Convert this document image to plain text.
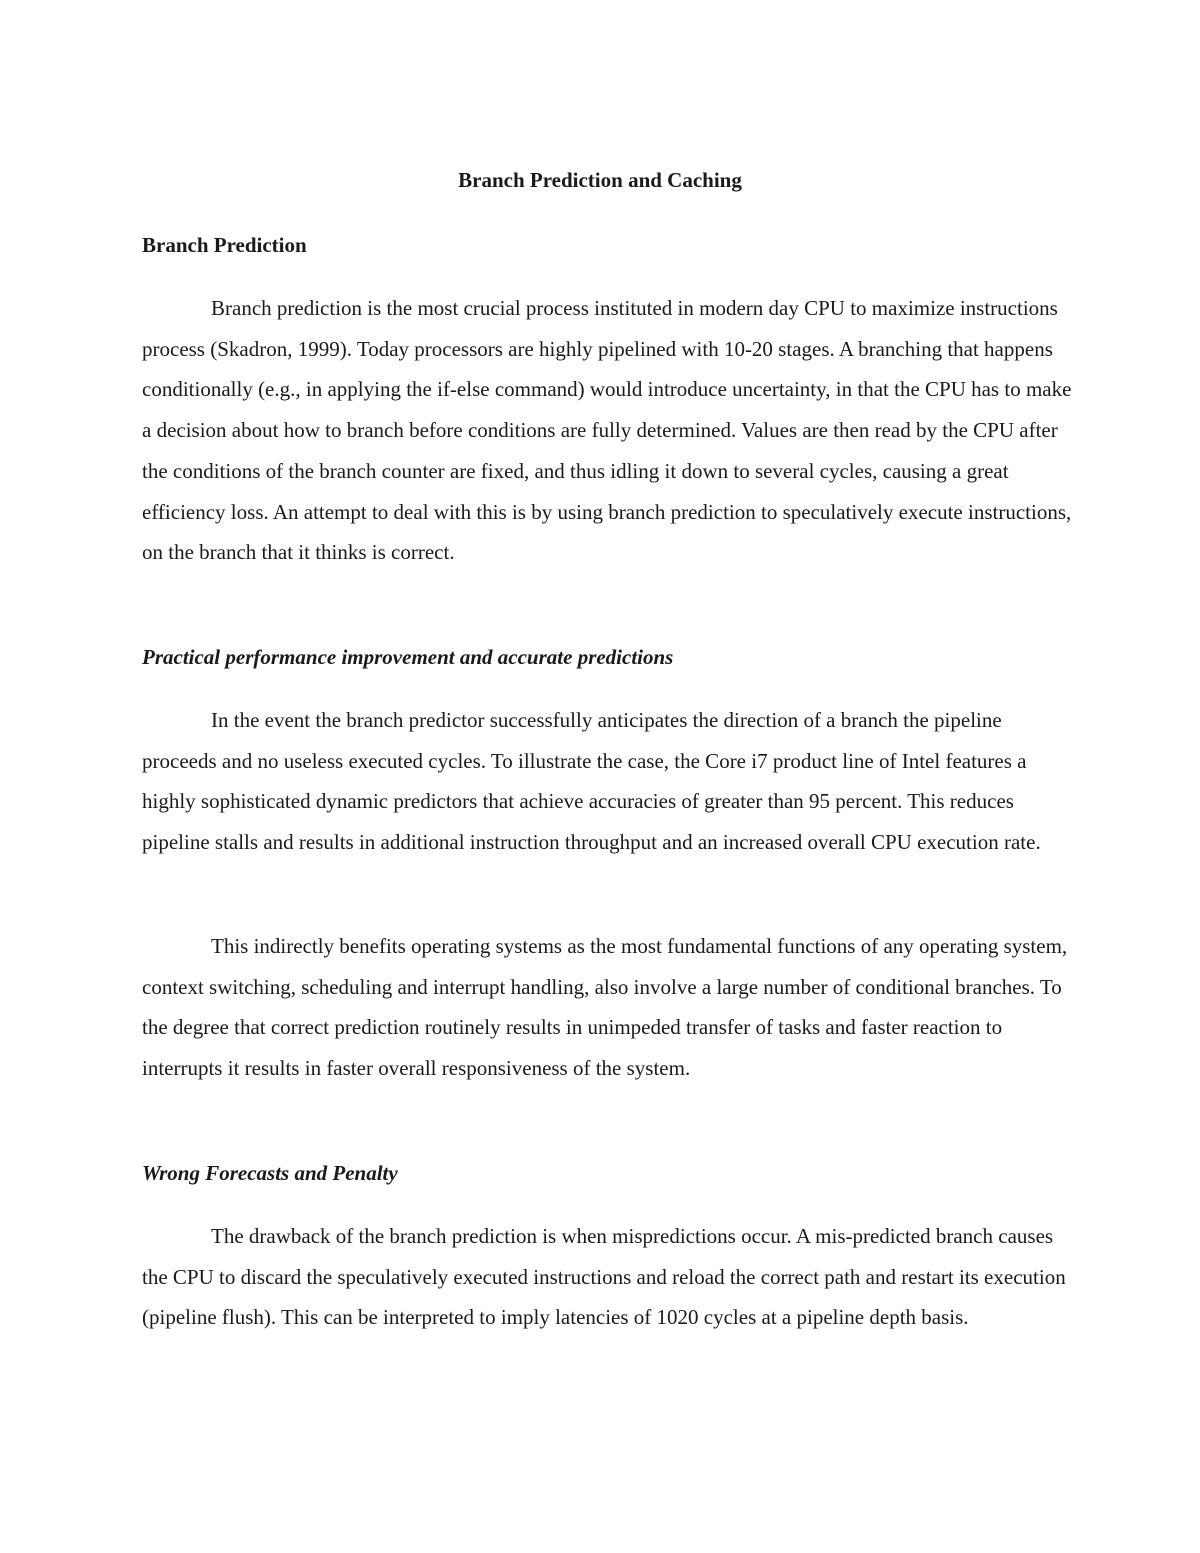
Branch Prediction and Caching
Branch Prediction

Branch prediction is the most crucial process instituted in modern day CPU to maximize instructions process (Skadron, 1999). Today processors are highly pipelined with 10-20 stages. A branching that happens conditionally (e.g., in applying the if-else command) would introduce uncertainty, in that the CPU has to make a decision about how to branch before conditions are fully determined. Values are then read by the CPU after the conditions of the branch counter are fixed, and thus idling it down to several cycles, causing a great efficiency loss. An attempt to deal with this is by using branch prediction to speculatively execute instructions, on the branch that it thinks is correct.

Practical performance improvement and accurate predictions

In the event the branch predictor successfully anticipates the direction of a branch the pipeline proceeds and no useless executed cycles. To illustrate the case, the Core i7 product line of Intel features a highly sophisticated dynamic predictors that achieve accuracies of greater than 95 percent. This reduces pipeline stalls and results in additional instruction throughput and an increased overall CPU execution rate.

This indirectly benefits operating systems as the most fundamental functions of any operating system, context switching, scheduling and interrupt handling, also involve a large number of conditional branches. To the degree that correct prediction routinely results in unimpeded transfer of tasks and faster reaction to interrupts it results in faster overall responsiveness of the system.

Wrong Forecasts and Penalty

The drawback of the branch prediction is when mispredictions occur. A mis-predicted branch causes the CPU to discard the speculatively executed instructions and reload the correct path and restart its execution (pipeline flush). This can be interpreted to imply latencies of 1020 cycles at a pipeline depth basis.
